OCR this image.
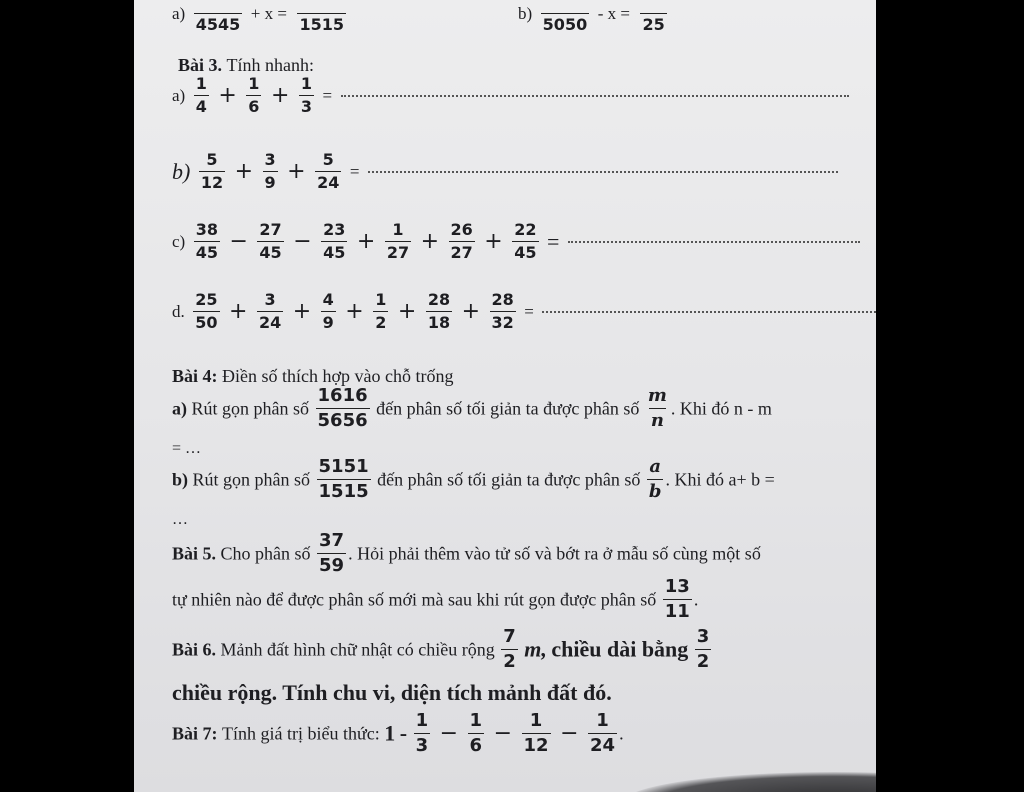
a)

4545
+ x =

1515
b)

5050
- x =

25
Bài 3. Tính nhanh:
$a) \frac{1}{4} + \frac{1}{6} + \frac{1}{3}$ =
$b) \frac{5}{12} + \frac{3}{9} + \frac{5}{24}$ =
$c) \frac{38}{45} - \frac{27}{45} - \frac{23}{45} + \frac{1}{27} + \frac{26}{27} + \frac{22}{45}$ =
d. $\frac{25}{50} + \frac{3}{24} + \frac{4}{9} + \frac{1}{2} + \frac{28}{18} + \frac{28}{32}$ =
Bài 4: Điền số thích hợp vào chỗ trống
a) Rút gọn phân số $\frac{1616}{5656}$ đến phân số tối giản ta được phân số $\frac{m}{n}$ . Khi đó n - m
= …
b) Rút gọn phân số $\frac{5151}{1515}$ đến phân số tối giản ta được phân số $\frac{a}{b}$ . Khi đó a+ b =
…
Bài 5. Cho phân số $\frac{37}{59}$ . Hỏi phải thêm vào tử số và bớt ra ở mẫu số cùng một số
tự nhiên nào để được phân số mới mà sau khi rút gọn được phân số $\frac{13}{11}$ .
Bài 6. Mảnh đất hình chữ nhật có chiều rộng $\frac{7}{2} m$, chiều dài bằng $\frac{3}{2}$
chiều rộng. Tính chu vi, diện tích mảnh đất đó.
Bài 7: Tính giá trị biểu thức: $1 - \frac{1}{3} - \frac{1}{6} - \frac{1}{12} - \frac{1}{24}$ .
